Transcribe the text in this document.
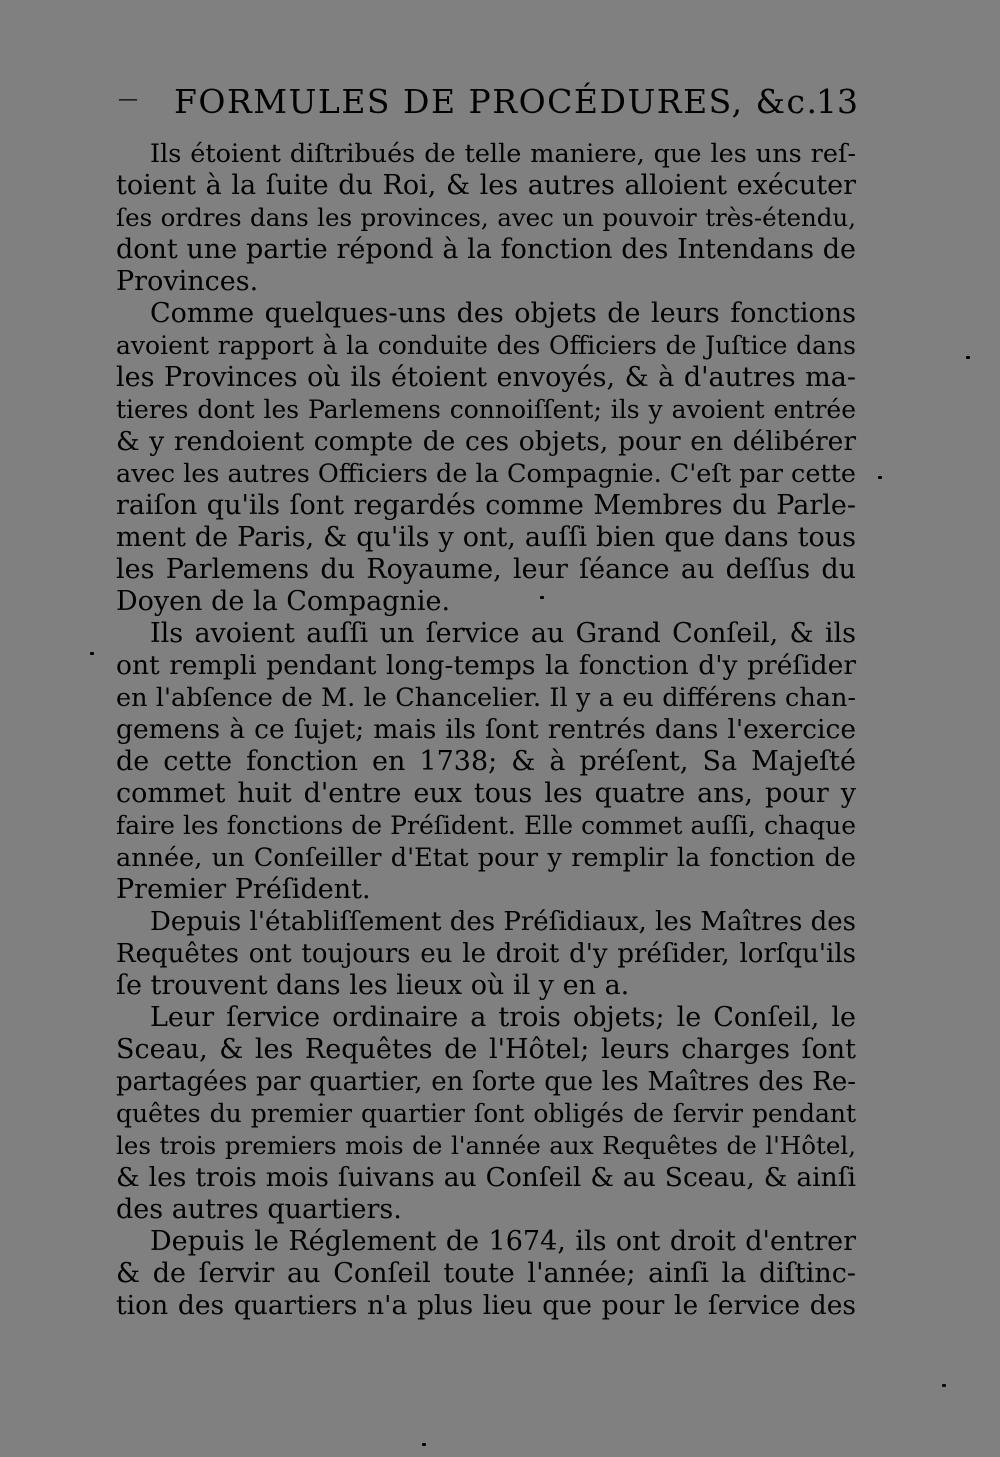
— FORMULES DE PROCÉDURES, &c.
13
Ils étoient diſtribués de telle maniere, que les uns reſ-
toient à la ſuite du Roi, & les autres alloient exécuter
ſes ordres dans les provinces, avec un pouvoir très-étendu,
dont une partie répond à la fonction des Intendans de
Provinces.
Comme quelques-uns des objets de leurs fonctions
avoient rapport à la conduite des Officiers de Juſtice dans
les Provinces où ils étoient envoyés, & à d'autres ma-
tieres dont les Parlemens connoiſſent; ils y avoient entrée
& y rendoient compte de ces objets, pour en délibérer
avec les autres Officiers de la Compagnie. C'eſt par cette
raiſon qu'ils ſont regardés comme Membres du Parle-
ment de Paris, & qu'ils y ont, auſſi bien que dans tous
les Parlemens du Royaume, leur ſéance au deſſus du
Doyen de la Compagnie.
Ils avoient auſſi un ſervice au Grand Conſeil, & ils
ont rempli pendant long-temps la fonction d'y préſider
en l'abſence de M. le Chancelier. Il y a eu différens chan-
gemens à ce ſujet; mais ils ſont rentrés dans l'exercice
de cette fonction en 1738; & à préſent, Sa Majeſté
commet huit d'entre eux tous les quatre ans, pour y
faire les fonctions de Préſident. Elle commet auſſi, chaque
année, un Conſeiller d'Etat pour y remplir la fonction de
Premier Préſident.
Depuis l'établiſſement des Préſidiaux, les Maîtres des
Requêtes ont toujours eu le droit d'y préſider, lorſqu'ils
ſe trouvent dans les lieux où il y en a.
Leur ſervice ordinaire a trois objets; le Conſeil, le
Sceau, & les Requêtes de l'Hôtel; leurs charges ſont
partagées par quartier, en ſorte que les Maîtres des Re-
quêtes du premier quartier ſont obligés de ſervir pendant
les trois premiers mois de l'année aux Requêtes de l'Hôtel,
& les trois mois ſuivans au Conſeil & au Sceau, & ainſi
des autres quartiers.
Depuis le Réglement de 1674, ils ont droit d'entrer
& de ſervir au Conſeil toute l'année; ainſi la diſtinc-
tion des quartiers n'a plus lieu que pour le ſervice des
